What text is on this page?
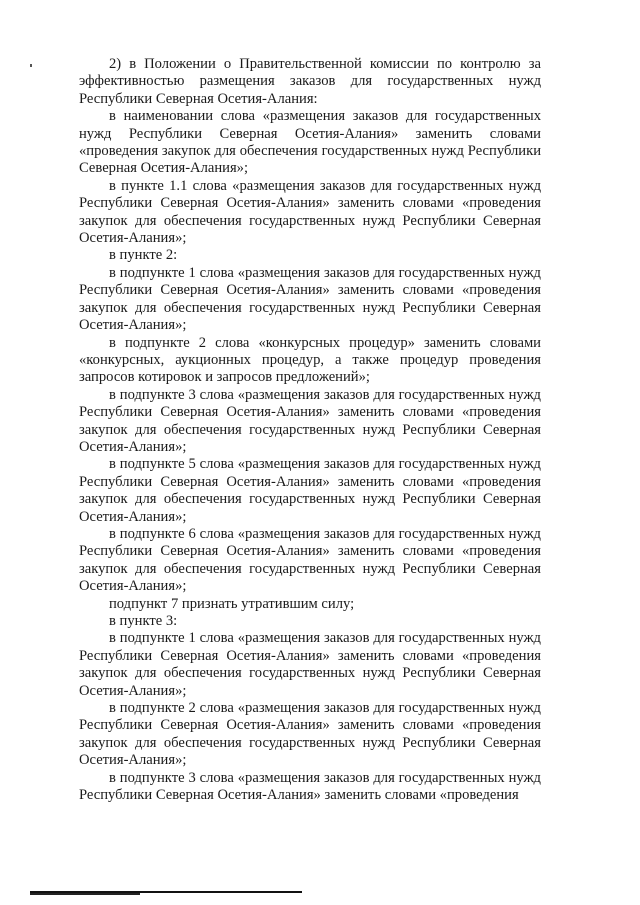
2) в Положении о Правительственной комиссии по контролю за эффективностью размещения заказов для государственных нужд Республики Северная Осетия-Алания:

в наименовании слова «размещения заказов для государственных нужд Республики Северная Осетия-Алания» заменить словами «проведения закупок для обеспечения государственных нужд Республики Северная Осетия-Алания»;

в пункте 1.1 слова «размещения заказов для государственных нужд Республики Северная Осетия-Алания» заменить словами «проведения закупок для обеспечения государственных нужд Республики Северная Осетия-Алания»;

в пункте 2:

в подпункте 1 слова «размещения заказов для государственных нужд Республики Северная Осетия-Алания» заменить словами «проведения закупок для обеспечения государственных нужд Республики Северная Осетия-Алания»;

в подпункте 2 слова «конкурсных процедур» заменить словами «конкурсных, аукционных процедур, а также процедур проведения запросов котировок и запросов предложений»;

в подпункте 3 слова «размещения заказов для государственных нужд Республики Северная Осетия-Алания» заменить словами «проведения закупок для обеспечения государственных нужд Республики Северная Осетия-Алания»;

в подпункте 5 слова «размещения заказов для государственных нужд Республики Северная Осетия-Алания» заменить словами «проведения закупок для обеспечения государственных нужд Республики Северная Осетия-Алания»;

в подпункте 6 слова «размещения заказов для государственных нужд Республики Северная Осетия-Алания» заменить словами «проведения закупок для обеспечения государственных нужд Республики Северная Осетия-Алания»;

подпункт 7 признать утратившим силу;

в пункте 3:

в подпункте 1 слова «размещения заказов для государственных нужд Республики Северная Осетия-Алания» заменить словами «проведения закупок для обеспечения государственных нужд Республики Северная Осетия-Алания»;

в подпункте 2 слова «размещения заказов для государственных нужд Республики Северная Осетия-Алания» заменить словами «проведения закупок для обеспечения государственных нужд Республики Северная Осетия-Алания»;

в подпункте 3 слова «размещения заказов для государственных нужд Республики Северная Осетия-Алания» заменить словами «проведения
